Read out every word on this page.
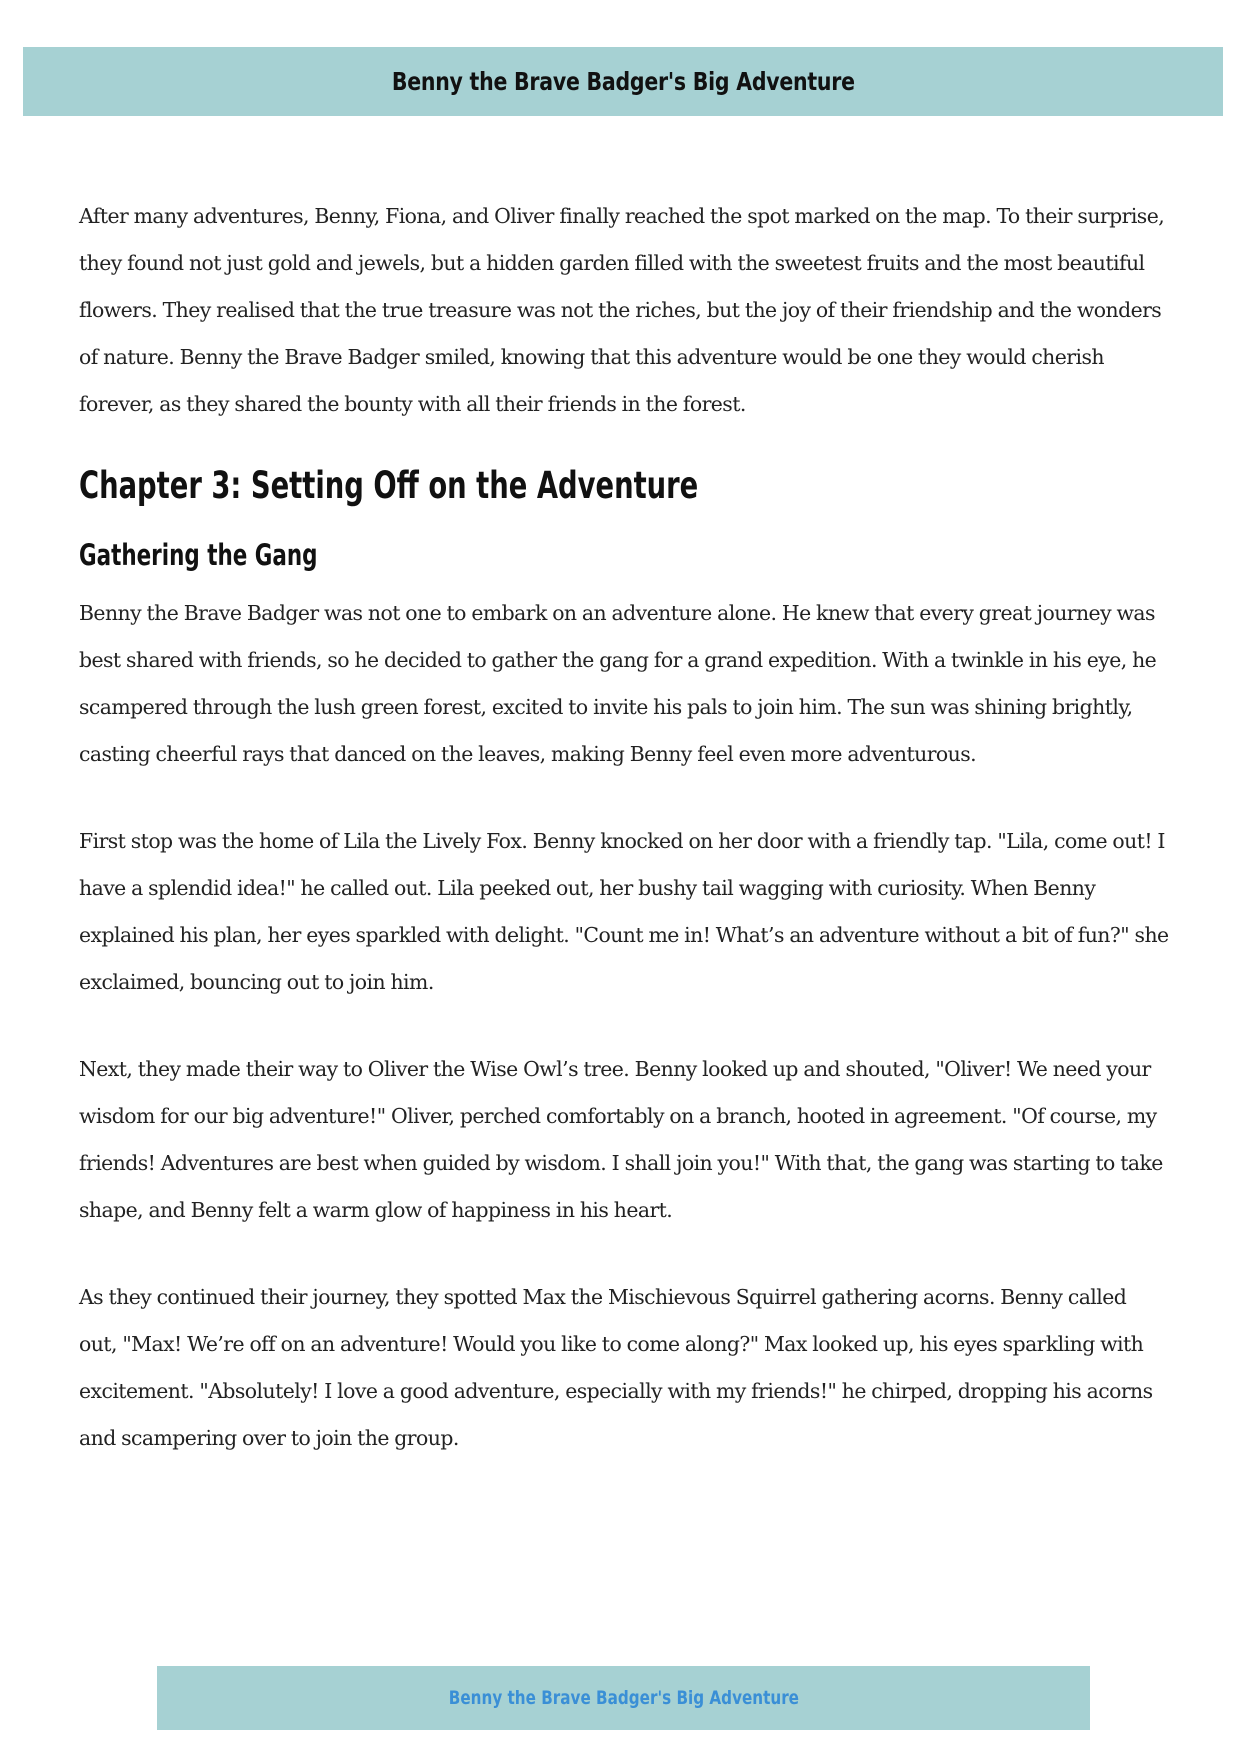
Benny the Brave Badger's Big Adventure

After many adventures, Benny, Fiona, and Oliver finally reached the spot marked on the map. To their surprise, they found not just gold and jewels, but a hidden garden filled with the sweetest fruits and the most beautiful flowers. They realised that the true treasure was not the riches, but the joy of their friendship and the wonders of nature. Benny the Brave Badger smiled, knowing that this adventure would be one they would cherish forever, as they shared the bounty with all their friends in the forest.

Chapter 3: Setting Off on the Adventure
Gathering the Gang

Benny the Brave Badger was not one to embark on an adventure alone. He knew that every great journey was best shared with friends, so he decided to gather the gang for a grand expedition. With a twinkle in his eye, he scampered through the lush green forest, excited to invite his pals to join him. The sun was shining brightly, casting cheerful rays that danced on the leaves, making Benny feel even more adventurous.

First stop was the home of Lila the Lively Fox. Benny knocked on her door with a friendly tap. "Lila, come out! I have a splendid idea!" he called out. Lila peeked out, her bushy tail wagging with curiosity. When Benny explained his plan, her eyes sparkled with delight. "Count me in! What’s an adventure without a bit of fun?" she exclaimed, bouncing out to join him.

Next, they made their way to Oliver the Wise Owl’s tree. Benny looked up and shouted, "Oliver! We need your wisdom for our big adventure!" Oliver, perched comfortably on a branch, hooted in agreement. "Of course, my friends! Adventures are best when guided by wisdom. I shall join you!" With that, the gang was starting to take shape, and Benny felt a warm glow of happiness in his heart.

As they continued their journey, they spotted Max the Mischievous Squirrel gathering acorns. Benny called out, "Max! We’re off on an adventure! Would you like to come along?" Max looked up, his eyes sparkling with excitement. "Absolutely! I love a good adventure, especially with my friends!" he chirped, dropping his acorns and scampering over to join the group.

Benny the Brave Badger's Big Adventure
